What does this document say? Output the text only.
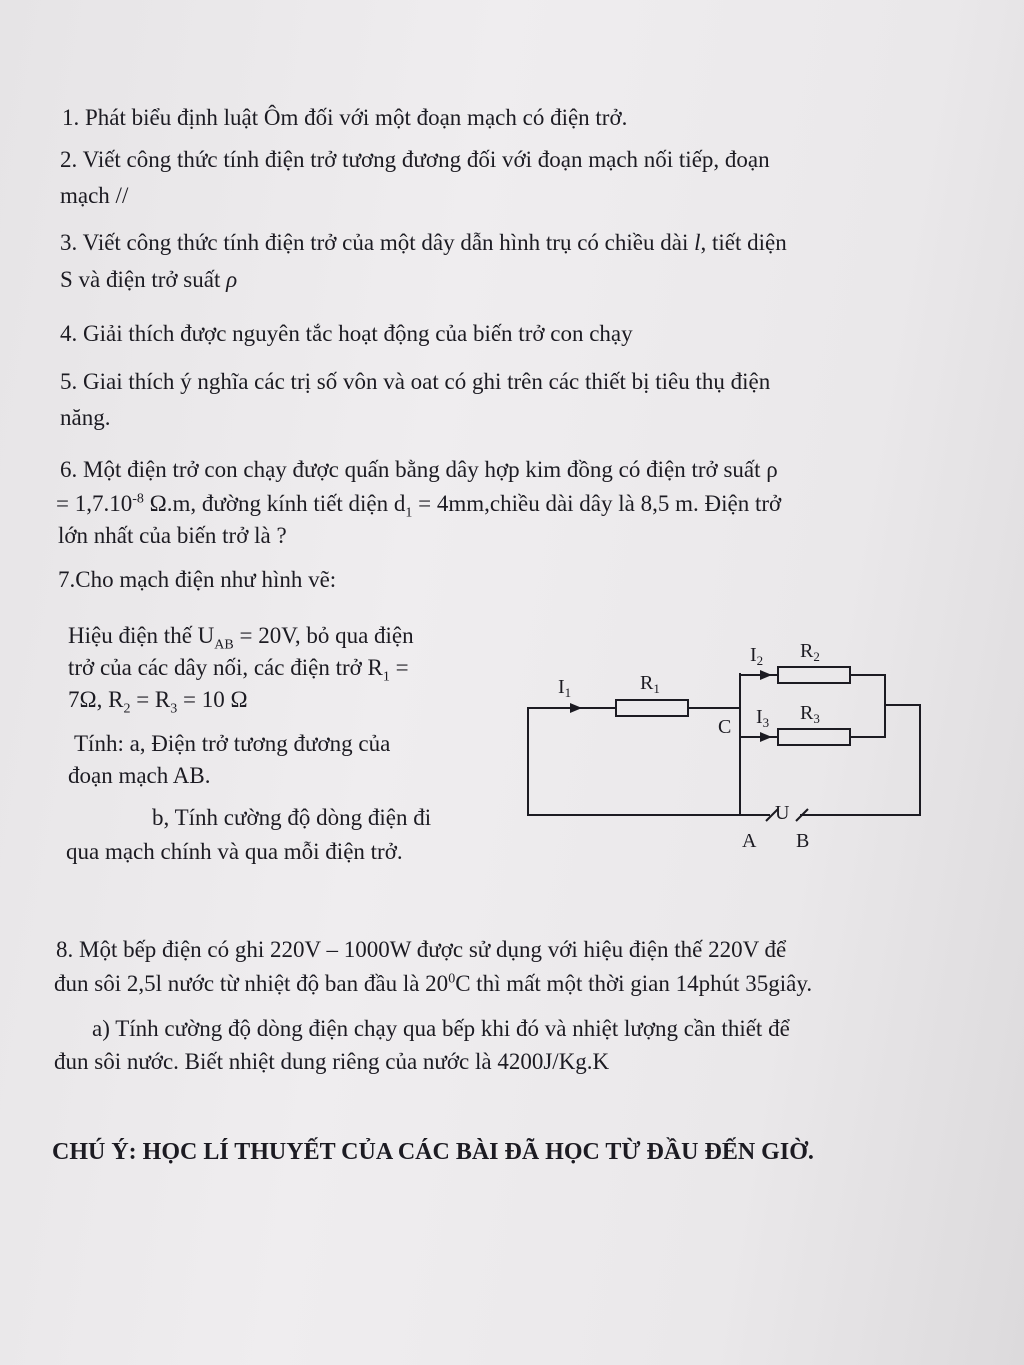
1. Phát biểu định luật Ôm đối với một đoạn mạch có điện trở.
2. Viết công thức tính điện trở tương đương đối với đoạn mạch nối tiếp, đoạn
mạch //
3. Viết công thức tính điện trở của một dây dẫn hình trụ có chiều dài l, tiết diện
S và điện trở suất ρ
4. Giải thích được nguyên tắc hoạt động của biến trở con chạy
5. Giai thích ý nghĩa các trị số vôn và oat có ghi trên các thiết bị tiêu thụ điện
năng.
6. Một điện trở con chạy được quấn bằng dây hợp kim đồng có điện trở suất ρ
= $1,7.10^{-8}$ Ω.m, đường kính tiết diện $d_1$ = 4mm,chiều dài dây là 8,5 m. Điện trở
lớn nhất của biến trở là ?
7.Cho mạch điện như hình vẽ:
Hiệu điện thế $U_{AB} = 20V$, bỏ qua điện
trở của các dây nối, các điện trở $R_1$ =
7Ω, $R_2 = R_3 = 10$ Ω
Tính: a, Điện trở tương đương của
đoạn mạch AB.
b, Tính cường độ dòng điện đi
qua mạch chính và qua mỗi điện trở.
$I_1$	$R_1$
$I_2$ $R_2$
$I_3$ $R_3$
C
U
A B
8. Một bếp điện có ghi 220V – 1000W được sử dụng với hiệu điện thế 220V để
đun sôi 2,5l nước từ nhiệt độ ban đầu là $20^0C$ thì mất một thời gian 14phút 35giây.
a) Tính cường độ dòng điện chạy qua bếp khi đó và nhiệt lượng cần thiết để
đun sôi nước. Biết nhiệt dung riêng của nước là 4200J/Kg.K
CHÚ Ý: HỌC LÍ THUYẾT CỦA CÁC BÀI ĐÃ HỌC TỪ ĐẦU ĐẾN GIỜ.
